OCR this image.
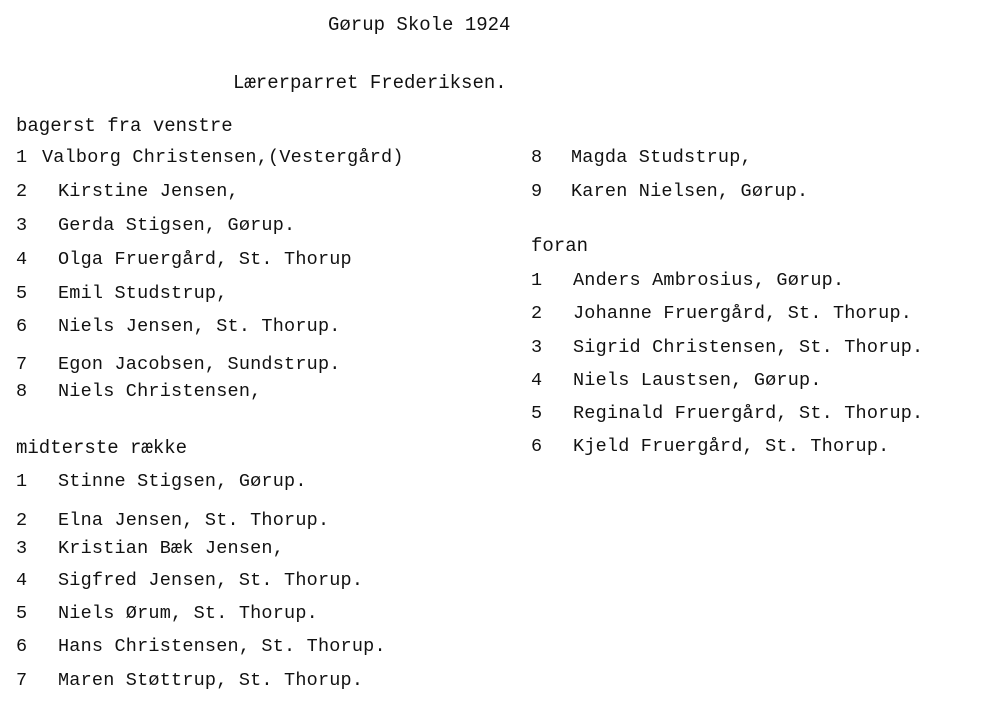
Gørup Skole 1924
Lærerparret Frederiksen.
bagerst fra venstre
1 Valborg Christensen,(Vestergård)
2 Kirstine Jensen,
3 Gerda Stigsen, Gørup.
4 Olga Fruergård, St. Thorup
5 Emil Studstrup,
6 Niels Jensen, St. Thorup.
7 Egon Jacobsen, Sundstrup.
8 Niels Christensen,
midterste række
1 Stinne Stigsen, Gørup.
2 Elna Jensen, St. Thorup.
3 Kristian Bæk Jensen,
4 Sigfred Jensen, St. Thorup.
5 Niels Ørum, St. Thorup.
6 Hans Christensen, St. Thorup.
7 Maren Støttrup, St. Thorup.
8 Magda Studstrup,
9 Karen Nielsen, Gørup.
foran
1 Anders Ambrosius, Gørup.
2 Johanne Fruergård, St. Thorup.
3 Sigrid Christensen, St. Thorup.
4 Niels Laustsen, Gørup.
5 Reginald Fruergård, St. Thorup.
6 Kjeld Fruergård, St. Thorup.
